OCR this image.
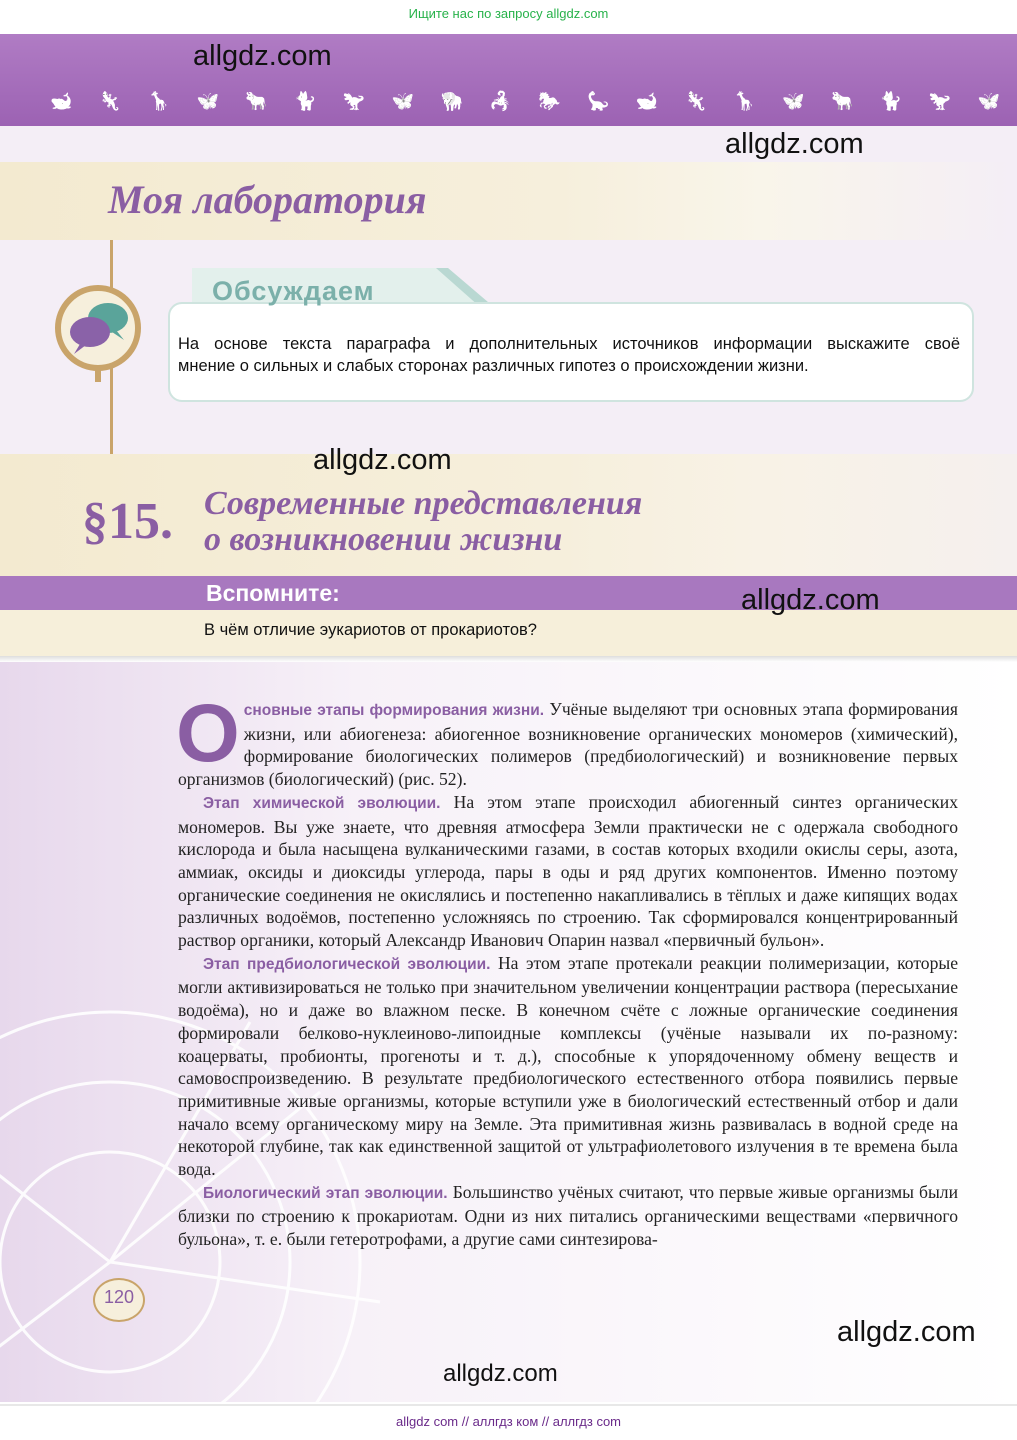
Ищите нас по запросу allgdz.com
🐋 🦎 🦒 🦋 🐂 🐈 🦖 🦋 🦬 🦂 🐎 🦕 🐋 🦎 🦒 🦋 🐂 🐈 🦖 🦋
Моя лаборатория
Обсуждаем
На основе текста параграфа и дополнительных источников информации выскажите своё
мнение о сильных и слабых сторонах различных гипотез о происхождении жизни.
§15. Современные представления
о возникновении жизни
Вспомните:
В чём отличие эукариотов от прокариотов?

Основные этапы формирования жизни. Учёные выделяют три основных этапа формирования жизни, или абиогенеза: абиогенное возникновение органических мономеров (химический), формирование биологических полимеров (предбиологический) и возникновение первых организмов (биологический) (рис. 52).

Этап химической эволюции. На этом этапе происходил абиогенный синтез органических мономеров. Вы уже знаете, что древняя атмосфера Земли практически не с одержала свободного кислорода и была насыщена вулканическими газами, в состав которых входили окислы серы, азота, аммиак, оксиды и диоксиды углерода, пары в оды и ряд других компонентов. Именно поэтому органические соединения не окислялись и постепенно накапливались в тёплых и даже кипящих водах различных водоёмов, постепенно усложняясь по строению. Так сформировался концентрированный раствор органики, который Александр Иванович Опарин назвал «первичный бульон».

Этап предбиологической эволюции. На этом этапе протекали реакции полимеризации, которые могли активизироваться не только при значительном увеличении концентрации раствора (пересыхание водоёма), но и даже во влажном песке. В конечном счёте с ложные органические соединения формировали белково-нуклеиново-липоидные комплексы (учёные называли их по-разному: коацерваты, пробионты, прогеноты и т. д.), способные к упорядоченному обмену веществ и самовоспроизведению. В результате предбиологического естественного отбора появились первые примитивные живые организмы, которые вступили уже в биологический естественный отбор и дали начало всему органическому миру на Земле. Эта примитивная жизнь развивалась в водной среде на некоторой глубине, так как единственной защитой от ультрафиолетового излучения в те времена была вода.

Биологический этап эволюции. Большинство учёных считают, что первые живые организмы были близки по строению к прокариотам. Одни из них питались органическими веществами «первичного бульона», т. е. были гетеротрофами, а другие сами синтезирова-

120
allgdz.com
allgdz.com
allgdz.com
allgdz.com
allgdz.com
allgdz.com
allgdz com // аллгдз ком // аллгдз com
